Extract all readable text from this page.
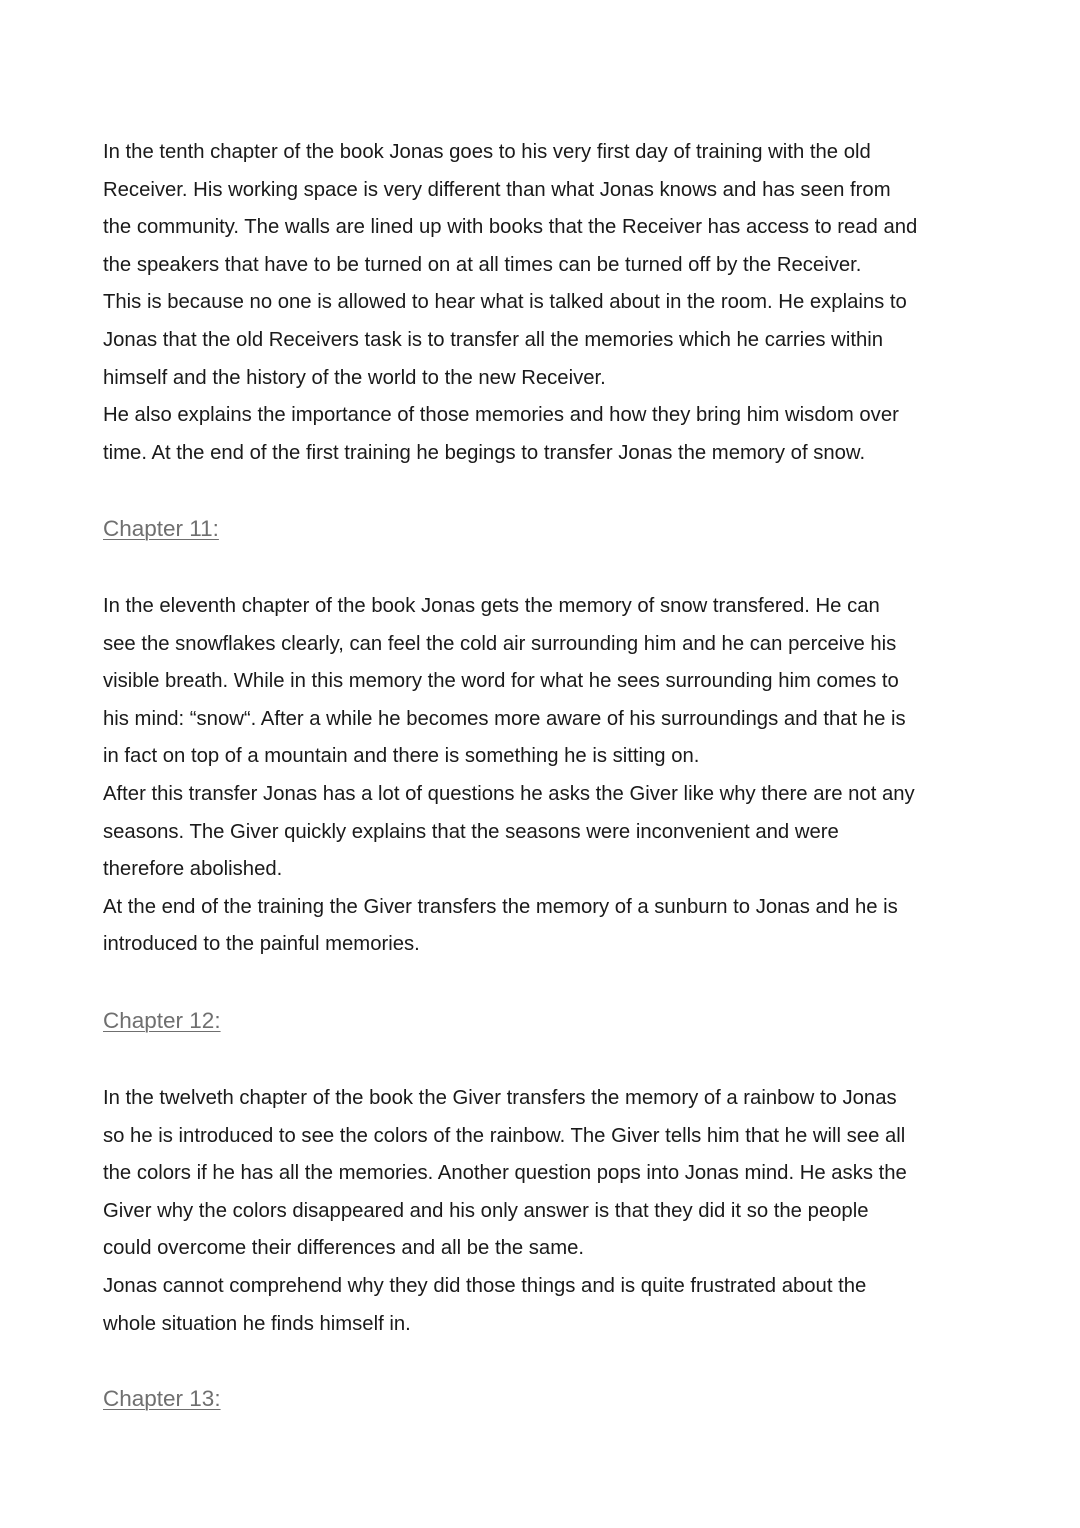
In the tenth chapter of the book Jonas goes to his very first day of training with the old
Receiver. His working space is very different than what Jonas knows and has seen from
the community. The walls are lined up with books that the Receiver has access to read and
the speakers that have to be turned on at all times can be turned off by the Receiver.
This is because no one is allowed to hear what is talked about in the room. He explains to
Jonas that the old Receivers task is to transfer all the memories which he carries within
himself and the history of the world to the new Receiver.
He also explains the importance of those memories and how they bring him wisdom over
time. At the end of the first training he begings to transfer Jonas the memory of snow.
Chapter 11:
In the eleventh chapter of the book Jonas gets the memory of snow transfered. He can
see the snowflakes clearly, can feel the cold air surrounding him and he can perceive his
visible breath. While in this memory the word for what he sees surrounding him comes to
his mind: “snow“. After a while he becomes more aware of his surroundings and that he is
in fact on top of a mountain and there is something he is sitting on.
After this transfer Jonas has a lot of questions he asks the Giver like why there are not any
seasons. The Giver quickly explains that the seasons were inconvenient and were
therefore abolished.
At the end of the training the Giver transfers the memory of a sunburn to Jonas and he is
introduced to the painful memories.
Chapter 12:
In the twelveth chapter of the book the Giver transfers the memory of a rainbow to Jonas
so he is introduced to see the colors of the rainbow. The Giver tells him that he will see all
the colors if he has all the memories. Another question pops into Jonas mind. He asks the
Giver why the colors disappeared and his only answer is that they did it so the people
could overcome their differences and all be the same.
Jonas cannot comprehend why they did those things and is quite frustrated about the
whole situation he finds himself in.
Chapter 13:
